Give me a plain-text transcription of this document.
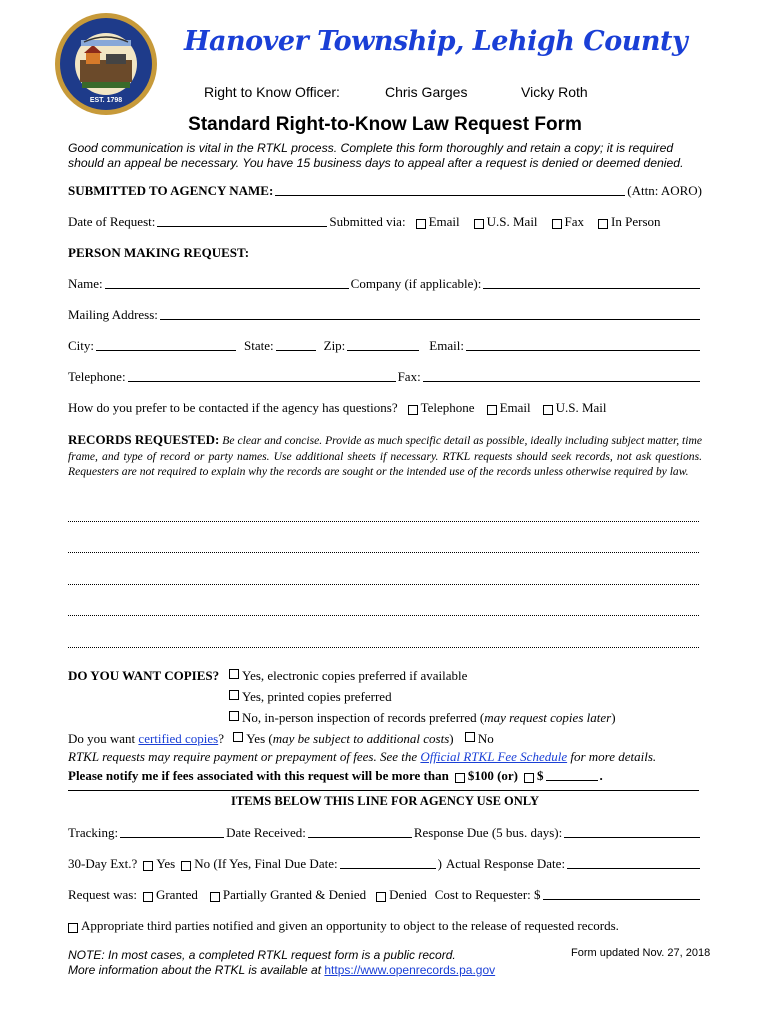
EST. 1798
Hanover Township, Lehigh County
Right to Know Officer:	Chris Garges	Vicky Roth
Standard Right-to-Know Law Request Form
Good communication is vital in the RTKL process. Complete this form thoroughly and retain a copy; it is required should an appeal be necessary. You have 15 business days to appeal after a request is denied or deemed denied.
SUBMITTED TO AGENCY NAME :	(Attn: AORO)
Date of Request:	Submitted via: Email U.S. Mail Fax In Person
PERSON MAKING REQUEST:
Name:	Company (if applicable):
Mailing Address:
City:	State:	Zip:	Email:
Telephone:	Fax:
How do you prefer to be contacted if the agency has questions? Telephone Email U.S. Mail
RECORDS REQUESTED: Be clear and concise. Provide as much specific detail as possible, ideally including subject matter, time frame, and type of record or party names. Use additional sheets if necessary. RTKL requests should seek records, not ask questions. Requesters are not required to explain why the records are sought or the intended use of the records unless otherwise required by law.
DO YOU WANT COPIES?	Yes, electronic copies preferred if available
Yes, printed copies preferred
No, in-person inspection of records preferred (may request copies later)
Do you want certified copies? Yes (may be subject to additional costs) No
RTKL requests may require payment or prepayment of fees. See the Official RTKL Fee Schedule for more details.
Please notify me if fees associated with this request will be more than $100 (or) $	.
ITEMS BELOW THIS LINE FOR AGENCY USE ONLY
Tracking:	Date Received:	Response Due (5 bus. days):
30-Day Ext.? Yes No (If Yes, Final Due Date:	) Actual Response Date:
Request was: Granted Partially Granted & Denied Denied Cost to Requester: $
Appropriate third parties notified and given an opportunity to object to the release of requested records.
NOTE: In most cases, a completed RTKL request form is a public record.
More information about the RTKL is available at https://www.openrecords.pa.gov
Form updated Nov. 27, 2018
